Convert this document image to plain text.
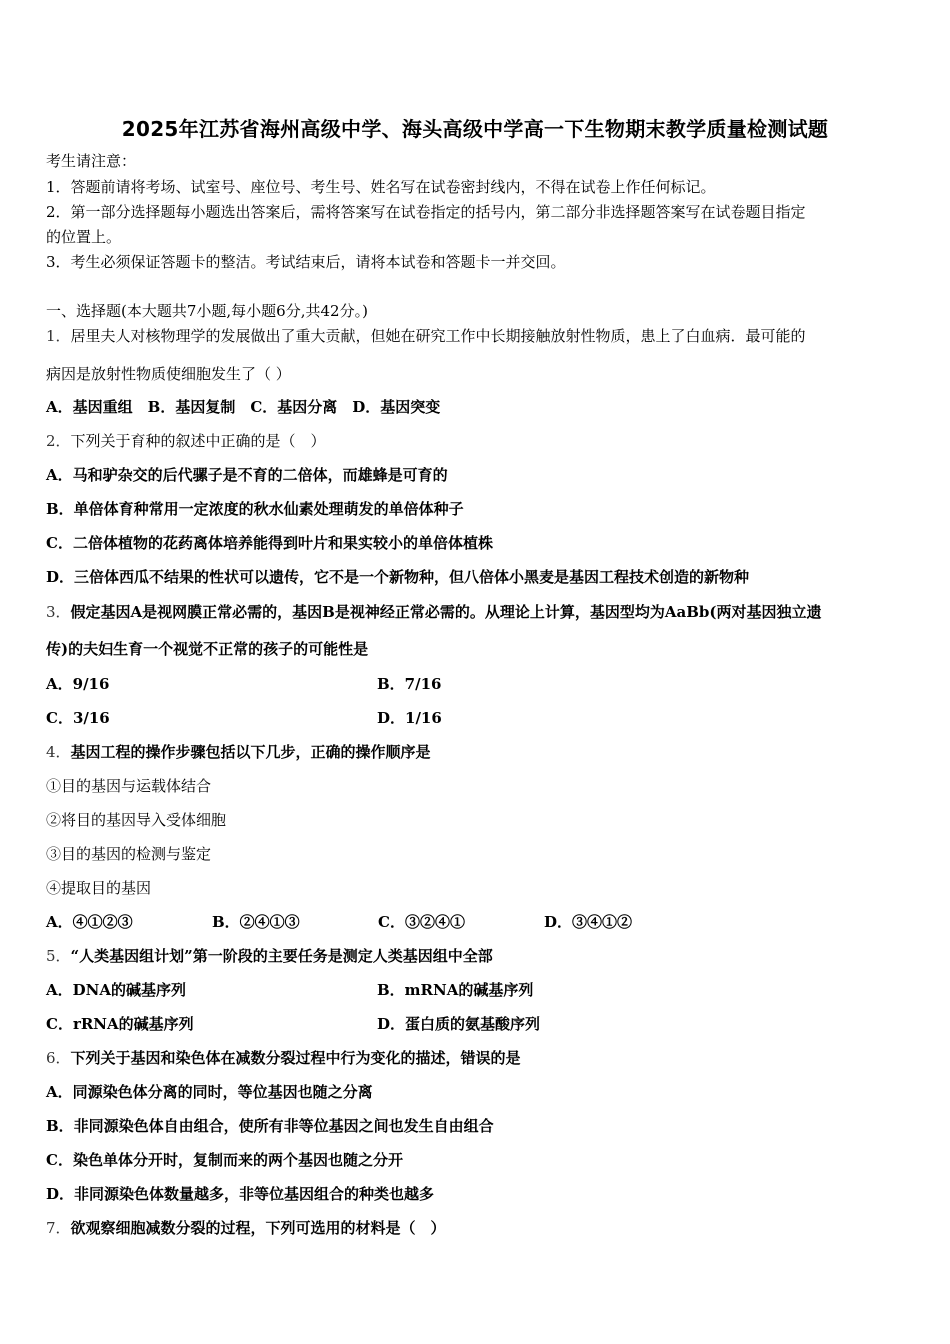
2025年江苏省海州高级中学、海头高级中学高一下生物期末教学质量检测试题
考生请注意：
1．答题前请将考场、试室号、座位号、考生号、姓名写在试卷密封线内，不得在试卷上作任何标记。
2．第一部分选择题每小题选出答案后，需将答案写在试卷指定的括号内，第二部分非选择题答案写在试卷题目指定
的位置上。
3．考生必须保证答题卡的整洁。考试结束后，请将本试卷和答题卡一并交回。
一、选择题(本大题共7小题,每小题6分,共42分。)
1．居里夫人对核物理学的发展做出了重大贡献，但她在研究工作中长期接触放射性物质，患上了白血病．最可能的
病因是放射性物质使细胞发生了（ ）
A．基因重组　B．基因复制　C．基因分离　D．基因突变
2．下列关于育种的叙述中正确的是（　）
A．马和驴杂交的后代骡子是不育的二倍体，而雄蜂是可育的
B．单倍体育种常用一定浓度的秋水仙素处理萌发的单倍体种子
C．二倍体植物的花药离体培养能得到叶片和果实较小的单倍体植株
D．三倍体西瓜不结果的性状可以遗传，它不是一个新物种，但八倍体小黑麦是基因工程技术创造的新物种
3．假定基因A是视网膜正常必需的，基因B是视神经正常必需的。从理论上计算，基因型均为AaBb(两对基因独立遗
传)的夫妇生育一个视觉不正常的孩子的可能性是
A．9/16	B．7/16
C．3/16	D．1/16
4．基因工程的操作步骤包括以下几步，正确的操作顺序是
①目的基因与运载体结合
②将目的基因导入受体细胞
③目的基因的检测与鉴定
④提取目的基因
A．④①②③	B．②④①③	C．③②④①	D．③④①②
5．“人类基因组计划”第一阶段的主要任务是测定人类基因组中全部
A．DNA的碱基序列	B．mRNA的碱基序列
C．rRNA的碱基序列	D．蛋白质的氨基酸序列
6．下列关于基因和染色体在减数分裂过程中行为变化的描述，错误的是
A．同源染色体分离的同时，等位基因也随之分离
B．非同源染色体自由组合，使所有非等位基因之间也发生自由组合
C．染色单体分开时，复制而来的两个基因也随之分开
D．非同源染色体数量越多，非等位基因组合的种类也越多
7．欲观察细胞减数分裂的过程，下列可选用的材料是（　）
